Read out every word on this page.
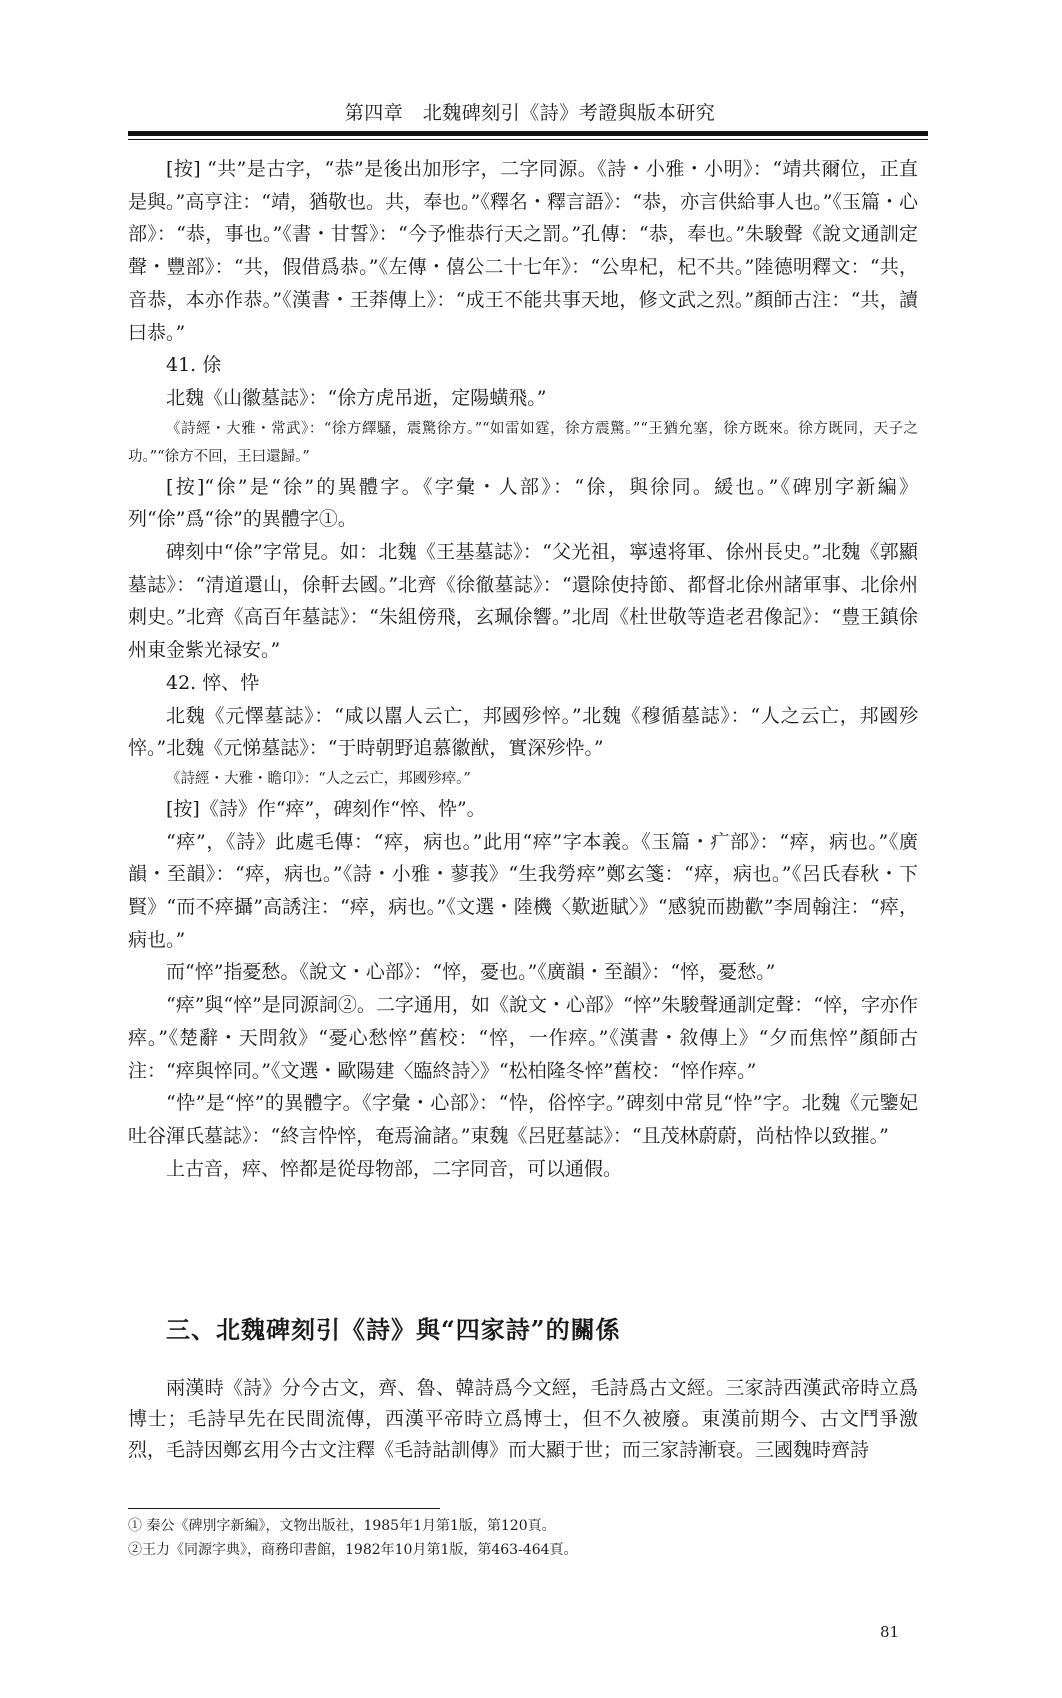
第四章　北魏碑刻引《詩》考證與版本研究

[按] “共”是古字，“恭”是後出加形字，二字同源。《詩・小雅・小明》：“靖共爾位，正直是與。”高亨注：“靖，猶敬也。共，奉也。”《釋名・釋言語》：“恭，亦言供給事人也。”《玉篇・心部》：“恭，事也。”《書・甘誓》：“今予惟恭行天之罰。”孔傳：“恭，奉也。”朱駿聲《說文通訓定聲・豐部》：“共，假借爲恭。”《左傳・僖公二十七年》：“公卑杞，杞不共。”陸德明釋文：“共，音恭，本亦作恭。”《漢書・王莽傳上》：“成王不能共事天地，修文武之烈。”顏師古注：“共，讀曰恭。”

41. 俆

北魏《山徽墓誌》：“俆方虎吊逝，定陽蟥飛。”

《詩經・大雅・常武》：“徐方繹騷，震驚徐方。”“如雷如霆，徐方震驚。”“王猶允塞，徐方既來。徐方既同，天子之功。”“徐方不回，王曰還歸。”

[按]“俆”是“徐”的異體字。《字彙・人部》：“俆，與徐同。緩也。”《碑別字新編》列“俆”爲“徐”的異體字①。

碑刻中“俆”字常見。如：北魏《王基墓誌》：“父光祖，寧遠将軍、俆州長史。”北魏《郭顯墓誌》：“清道還山，俆軒去國。”北齊《徐徹墓誌》：“還除使持節、都督北俆州諸軍事、北俆州刺史。”北齊《高百年墓誌》：“朱組傍飛，玄珮俆響。”北周《杜世敬等造老君像記》：“豊王鎮俆州東金紫光禄安。”

42. 悴、忰

北魏《元懌墓誌》：“咸以嚚人云亡，邦國殄悴。”北魏《穆循墓誌》：“人之云亡，邦國殄悴。”北魏《元悌墓誌》：“于時朝野追慕徽猷，實深殄忰。”

《詩經・大雅・瞻卬》：“人之云亡，邦國殄瘁。”

[按]《詩》作“瘁”，碑刻作“悴、忰”。

“瘁”，《詩》此處毛傳：“瘁，病也。”此用“瘁”字本義。《玉篇・疒部》：“瘁，病也。”《廣韻・至韻》：“瘁，病也。”《詩・小雅・蓼莪》“生我勞瘁”鄭玄箋：“瘁，病也。”《呂氏春秋・下賢》“而不瘁攝”高誘注：“瘁，病也。”《文選・陸機〈歎逝賦〉》“感貌而勘歡”李周翰注：“瘁，病也。”

而“悴”指憂愁。《說文・心部》：“悴，憂也。”《廣韻・至韻》：“悴，憂愁。”

“瘁”與“悴”是同源詞②。二字通用，如《說文・心部》“悴”朱駿聲通訓定聲：“悴，字亦作瘁。”《楚辭・天問敘》“憂心愁悴”舊校：“悴，一作瘁。”《漢書・敘傳上》“夕而焦悴”顏師古注：“瘁與悴同。”《文選・歐陽建〈臨終詩〉》“松柏隆冬悴”舊校：“悴作瘁。”

“忰”是“悴”的異體字。《字彙・心部》：“忰，俗悴字。”碑刻中常見“忰”字。北魏《元鑒妃吐谷渾氏墓誌》：“終言忰悴，奄焉淪諸。”東魏《呂覎墓誌》：“且茂林蔚蔚，尚枯忰以致摧。”

上古音，瘁、悴都是從母物部，二字同音，可以通假。

三、北魏碑刻引《詩》與“四家詩”的關係

兩漢時《詩》分今古文，齊、魯、韓詩爲今文經，毛詩爲古文經。三家詩西漢武帝時立爲博士；毛詩早先在民間流傳，西漢平帝時立爲博士，但不久被廢。東漢前期今、古文鬥爭激烈，毛詩因鄭玄用今古文注釋《毛詩詁訓傳》而大顯于世；而三家詩漸衰。三國魏時齊詩

① 秦公《碑別字新編》，文物出版社，1985年1月第1版，第120頁。

②王力《同源字典》，商務印書館，1982年10月第1版，第463-464頁。

81
